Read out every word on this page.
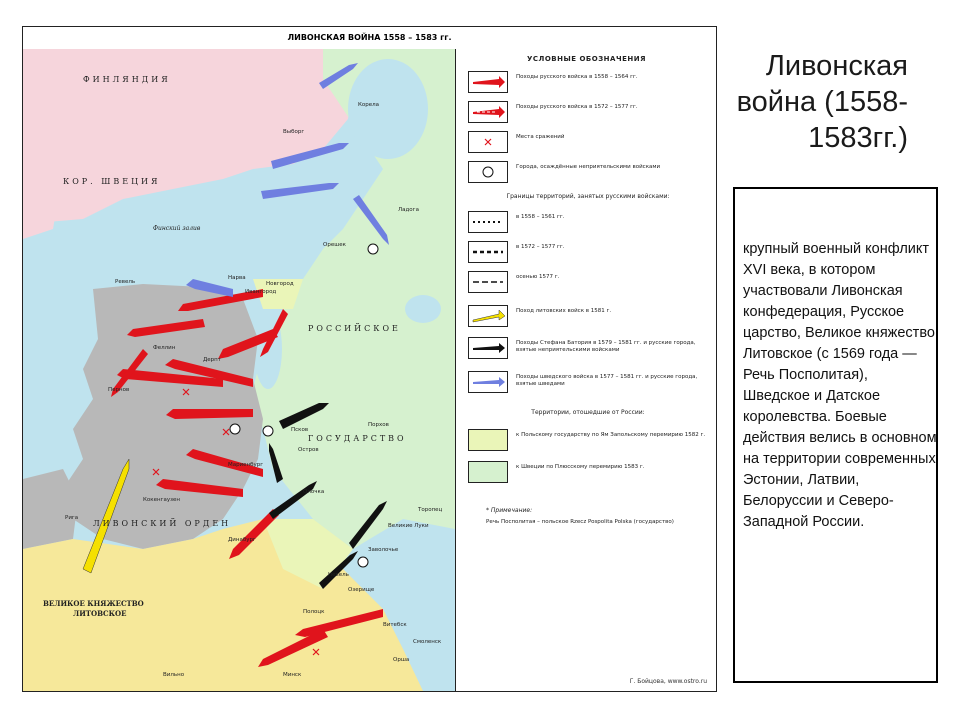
ЛИВОНСКАЯ ВОЙНА 1558 – 1583 гг.
ФИНЛЯНДИЯ
КОР. ШВЕЦИЯ
Финский залив
РОССИЙСКОЕ
ГОСУДАРСТВО
ЛИВОНСКИЙ ОРДЕН
ВЕЛИКОЕ КНЯЖЕСТВО
ЛИТОВСКОЕ
Псков
Новгород
Нарва
Ревель
Дерпт
Рига
Полоцк
Витебск
Остров
Великие Луки
Орша
Смоленск
Торопец
Ивангород
Орешек
Корела
Ладога
Феллин
Пернов
Мариенбург
Кокенгаузен
Динабург
Опочка
Порхов
Вильно	Минск
Озерище
Заволочье
Невель
Выборг
УСЛОВНЫЕ ОБОЗНАЧЕНИЯ
Походы русского войска в 1558 – 1564 гг.
Походы русского войска в 1572 – 1577 гг.
Места сражений
Города, осаждённые неприятельскими войсками
Границы территорий, занятых русскими войсками:
в 1558 – 1561 гг.
в 1572 – 1577 гг.
осенью 1577 г.
Поход литовских войск в 1581 г.
Походы Стефана Батория в 1579 – 1581 гг. и русские города, взятые неприятельскими войсками
Походы шведского войска в 1577 – 1581 гг. и русские города, взятые шведами
Территории, отошедшие от России:
к Польскому государству по Ям Запольскому перемирию 1582 г.
к Швеции по Плюсскому перемирию 1583 г.
* Примечание:
Речь Посполитая – польское Rzecz Pospolita Polska (государство)
Г. Бойцова, www.ostro.ru
Ливонская война (1558-1583гг.)
крупный военный конфликт XVI века, в котором участвовали Ливонская конфедерация, Русское царство, Великое княжество Литовское (с 1569 года — Речь Посполитая), Шведское и Датское королевства. Боевые действия велись в основном на территории современных Эстонии, Латвии, Белоруссии и Северо-Западной России.
